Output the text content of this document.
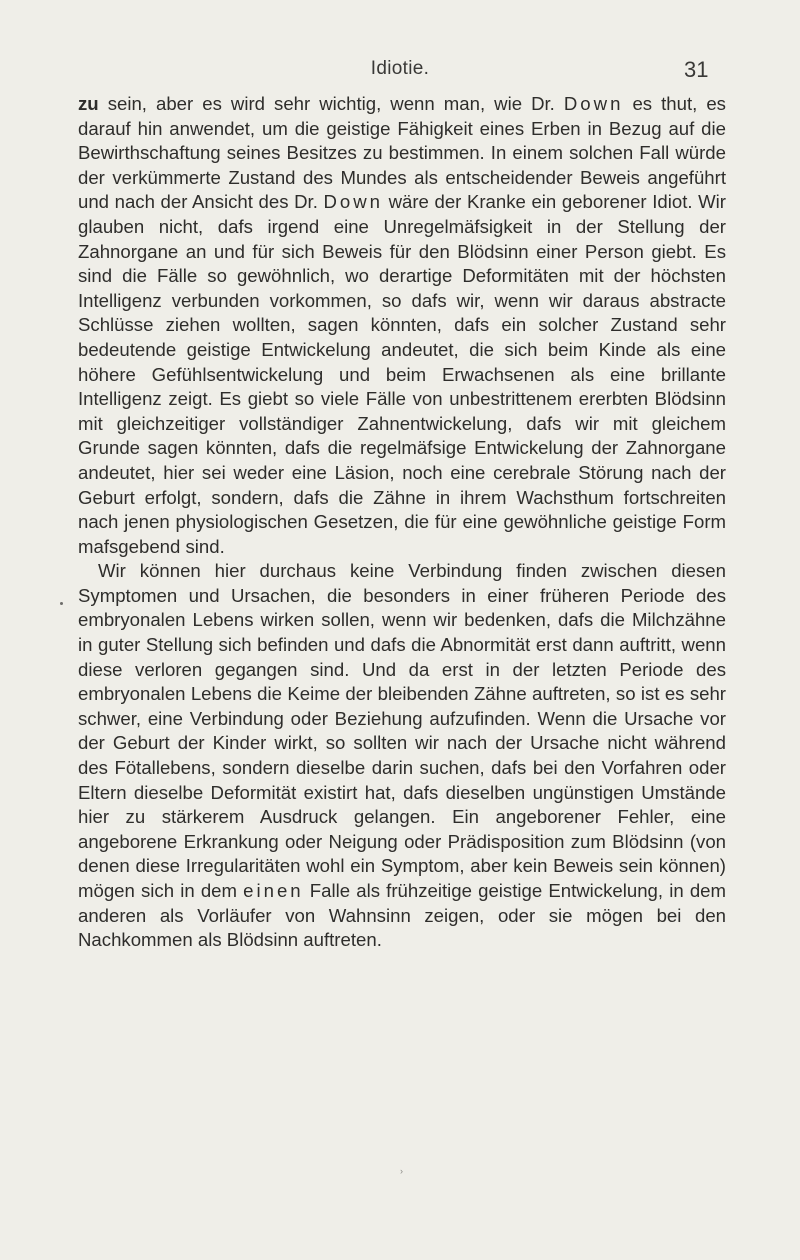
Idiotie.	31

zu sein, aber es wird sehr wichtig, wenn man, wie Dr. Down es thut, es darauf hin anwendet, um die geistige Fähigkeit eines Erben in Bezug auf die Bewirthschaftung seines Besitzes zu bestimmen. In einem solchen Fall würde der verkümmerte Zustand des Mundes als entscheidender Beweis angeführt und nach der Ansicht des Dr. Down wäre der Kranke ein geborener Idiot. Wir glauben nicht, dafs irgend eine Unregelmäfsigkeit in der Stellung der Zahnorgane an und für sich Beweis für den Blödsinn einer Person giebt. Es sind die Fälle so gewöhnlich, wo derartige Deformitäten mit der höchsten Intelligenz verbunden vorkommen, so dafs wir, wenn wir daraus abstracte Schlüsse ziehen wollten, sagen könnten, dafs ein solcher Zustand sehr bedeutende geistige Entwickelung andeutet, die sich beim Kinde als eine höhere Gefühlsentwickelung und beim Erwachsenen als eine brillante Intelligenz zeigt. Es giebt so viele Fälle von unbestrittenem ererbten Blödsinn mit gleichzeitiger vollständiger Zahnentwickelung, dafs wir mit gleichem Grunde sagen könnten, dafs die regelmäfsige Entwickelung der Zahnorgane andeutet, hier sei weder eine Läsion, noch eine cerebrale Störung nach der Geburt erfolgt, sondern, dafs die Zähne in ihrem Wachsthum fortschreiten nach jenen physiologischen Gesetzen, die für eine gewöhnliche geistige Form mafsgebend sind.

Wir können hier durchaus keine Verbindung finden zwischen diesen Symptomen und Ursachen, die besonders in einer früheren Periode des embryonalen Lebens wirken sollen, wenn wir bedenken, dafs die Milchzähne in guter Stellung sich befinden und dafs die Abnormität erst dann auftritt, wenn diese verloren gegangen sind. Und da erst in der letzten Periode des embryonalen Lebens die Keime der bleibenden Zähne auftreten, so ist es sehr schwer, eine Verbindung oder Beziehung aufzufinden. Wenn die Ursache vor der Geburt der Kinder wirkt, so sollten wir nach der Ursache nicht während des Fötallebens, sondern dieselbe darin suchen, dafs bei den Vorfahren oder Eltern dieselbe Deformität existirt hat, dafs dieselben ungünstigen Umstände hier zu stärkerem Ausdruck gelangen. Ein angeborener Fehler, eine angeborene Erkrankung oder Neigung oder Prädisposition zum Blödsinn (von denen diese Irregularitäten wohl ein Symptom, aber kein Beweis sein können) mögen sich in dem einen Falle als frühzeitige geistige Entwickelung, in dem anderen als Vorläufer von Wahnsinn zeigen, oder sie mögen bei den Nachkommen als Blödsinn auftreten.

›
